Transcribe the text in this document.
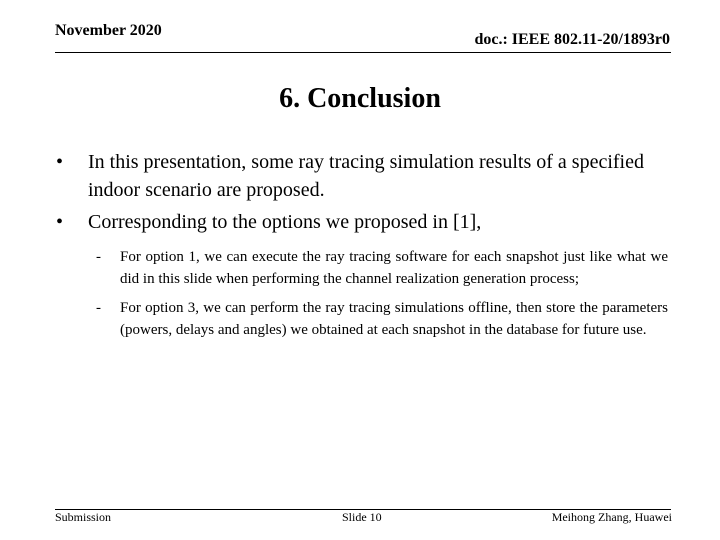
November 2020
doc.: IEEE 802.11-20/1893r0
6. Conclusion
•	In this presentation, some ray tracing simulation results of a specified indoor scenario are proposed.
•	Corresponding to the options we proposed in [1],
- For option 1, we can execute the ray tracing software for each snapshot just like what we did in this slide when performing the channel realization generation process;
- For option 3, we can perform the ray tracing simulations offline, then store the parameters (powers, delays and angles) we obtained at each snapshot in the database for future use.
Submission	Slide 10	Meihong Zhang, Huawei
